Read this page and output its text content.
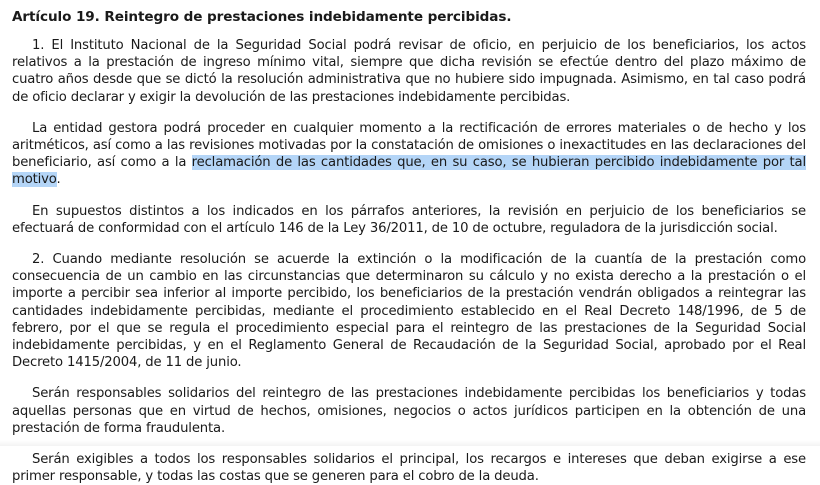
Artículo 19. Reintegro de prestaciones indebidamente percibidas.

1. El Instituto Nacional de la Seguridad Social podrá revisar de oficio, en perjuicio de los beneficiarios, los actos relativos a la prestación de ingreso mínimo vital, siempre que dicha revisión se efectúe dentro del plazo máximo de cuatro años desde que se dictó la resolución administrativa que no hubiere sido impugnada. Asimismo, en tal caso podrá de oficio declarar y exigir la devolución de las prestaciones indebidamente percibidas.

La entidad gestora podrá proceder en cualquier momento a la rectificación de errores materiales o de hecho y los aritméticos, así como a las revisiones motivadas por la constatación de omisiones o inexactitudes en las declaraciones del beneficiario, así como a la reclamación de las cantidades que, en su caso, se hubieran percibido indebidamente por tal motivo.

En supuestos distintos a los indicados en los párrafos anteriores, la revisión en perjuicio de los beneficiarios se efectuará de conformidad con el artículo 146 de la Ley 36/2011, de 10 de octubre, reguladora de la jurisdicción social.

2. Cuando mediante resolución se acuerde la extinción o la modificación de la cuantía de la prestación como consecuencia de un cambio en las circunstancias que determinaron su cálculo y no exista derecho a la prestación o el importe a percibir sea inferior al importe percibido, los beneficiarios de la prestación vendrán obligados a reintegrar las cantidades indebidamente percibidas, mediante el procedimiento establecido en el Real Decreto 148/1996, de 5 de febrero, por el que se regula el procedimiento especial para el reintegro de las prestaciones de la Seguridad Social indebidamente percibidas, y en el Reglamento General de Recaudación de la Seguridad Social, aprobado por el Real Decreto 1415/2004, de 11 de junio.

Serán responsables solidarios del reintegro de las prestaciones indebidamente percibidas los beneficiarios y todas aquellas personas que en virtud de hechos, omisiones, negocios o actos jurídicos participen en la obtención de una prestación de forma fraudulenta.

Serán exigibles a todos los responsables solidarios el principal, los recargos e intereses que deban exigirse a ese primer responsable, y todas las costas que se generen para el cobro de la deuda.
